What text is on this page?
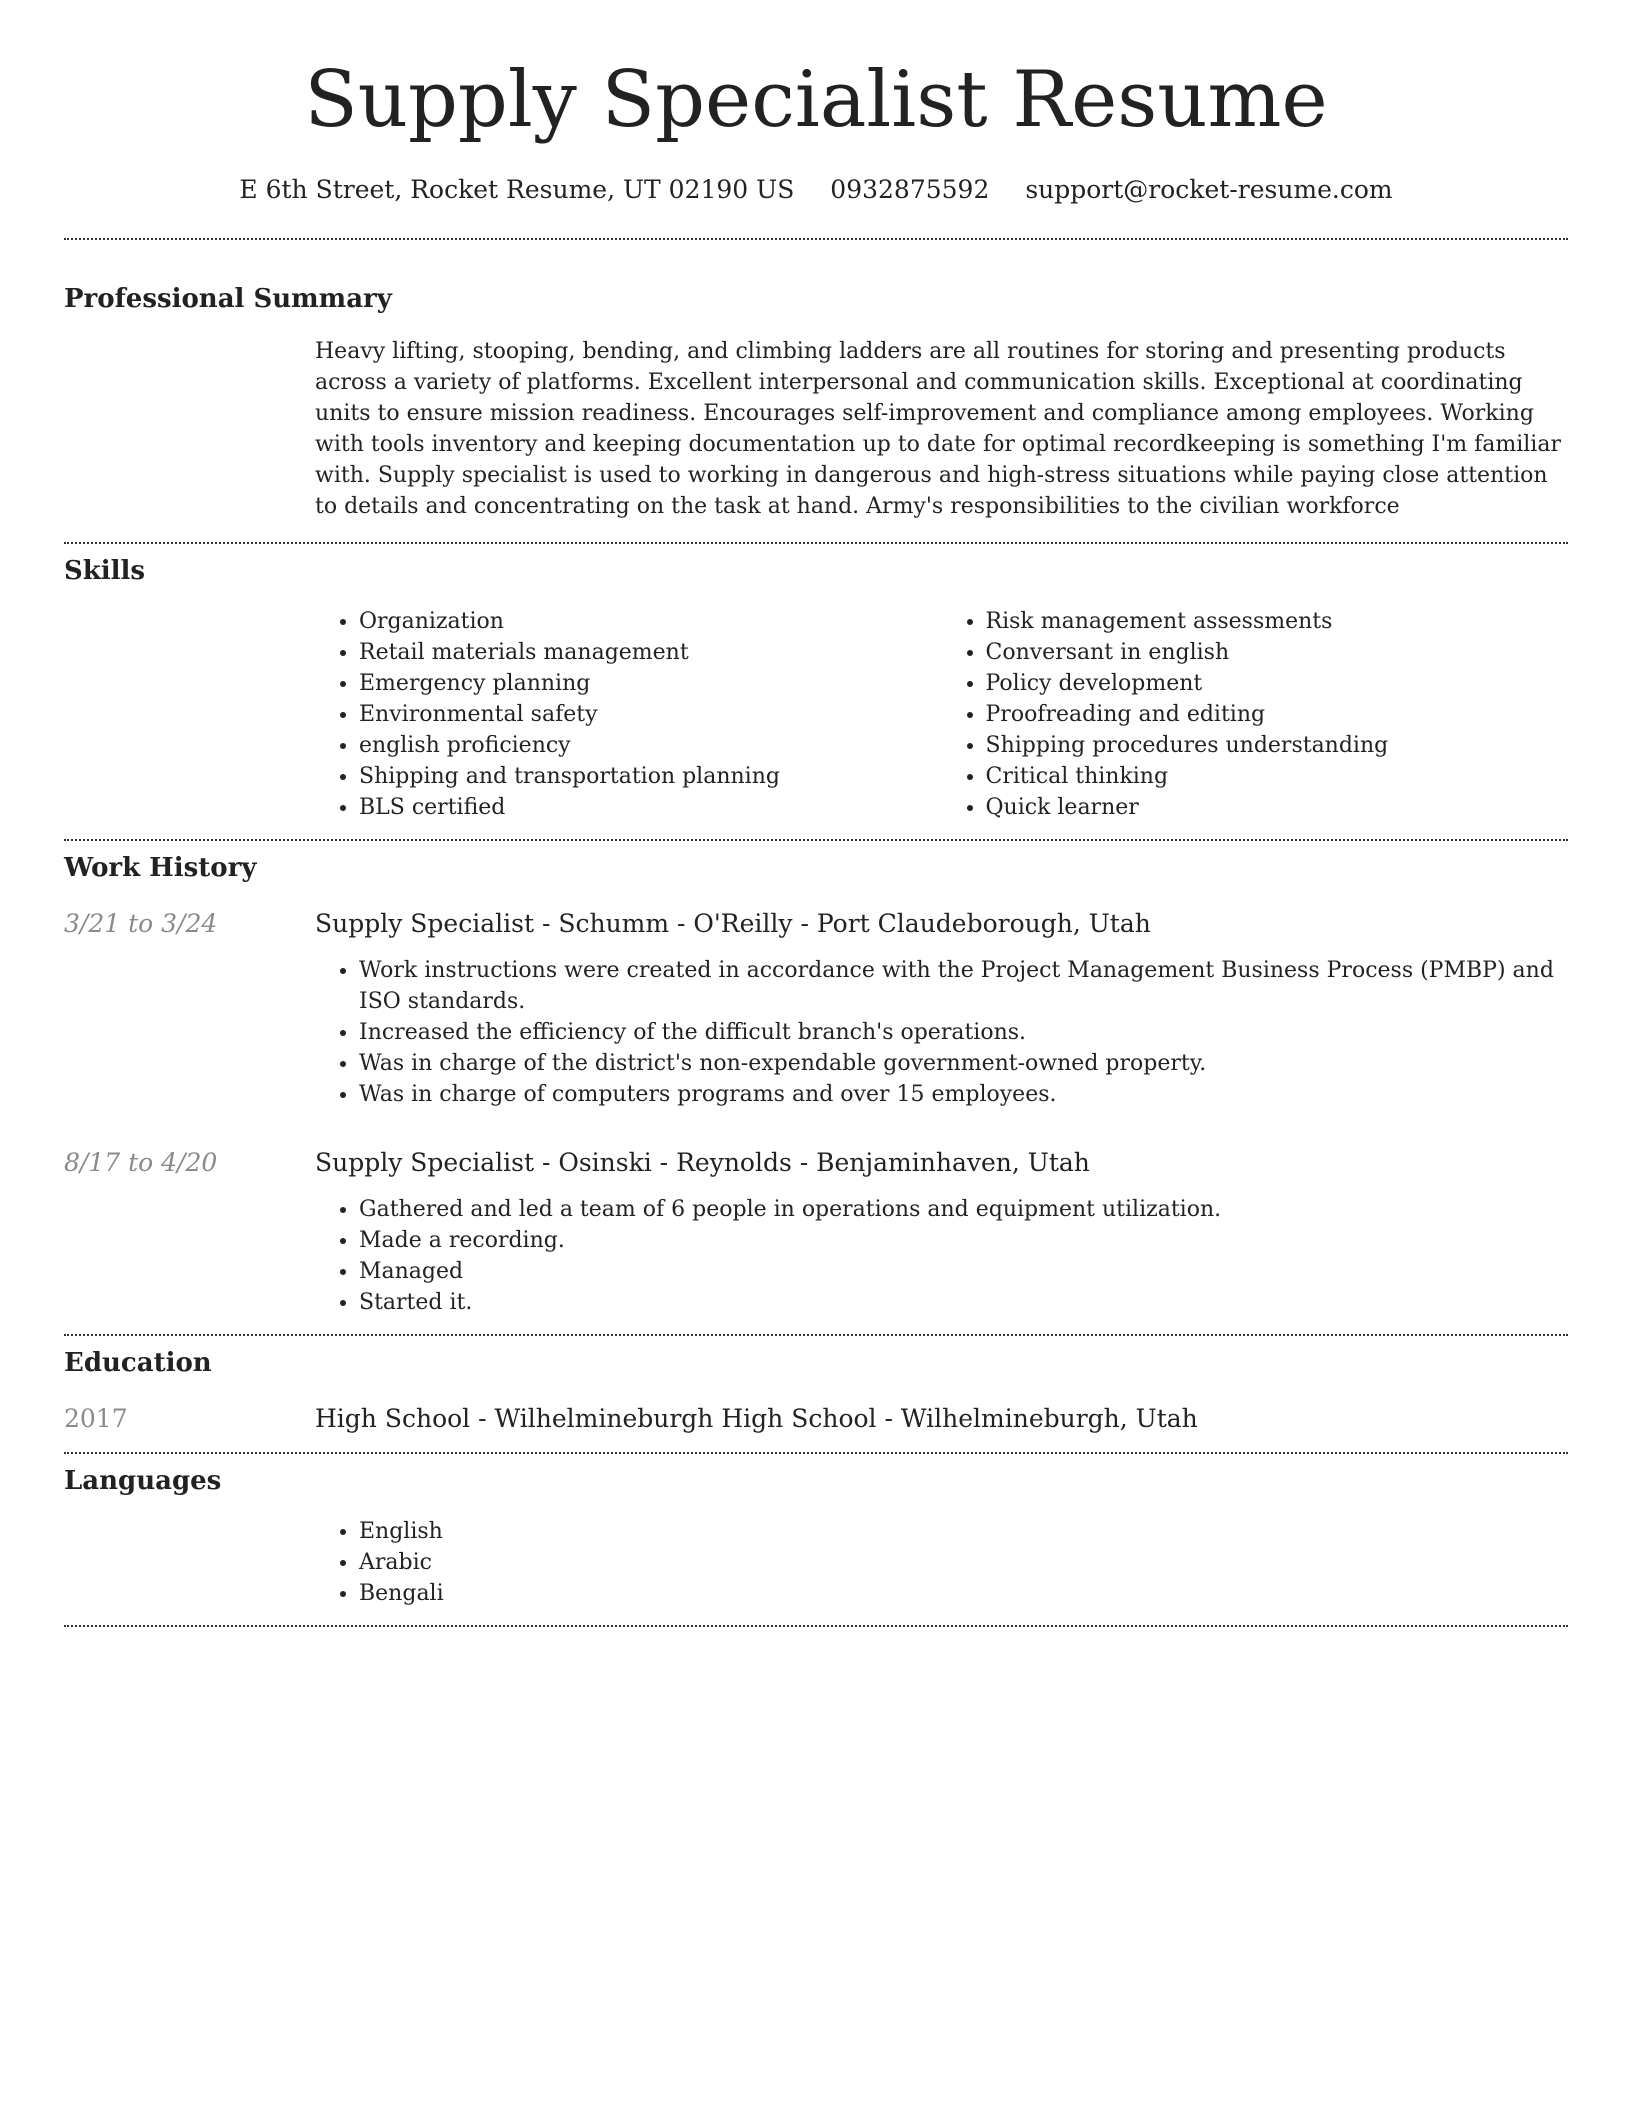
Supply Specialist Resume
E 6th Street, Rocket Resume, UT 02190 US 0932875592 support@rocket-resume.com
Professional Summary
Heavy lifting, stooping, bending, and climbing ladders are all routines for storing and presenting products across a variety of platforms. Excellent interpersonal and communication skills. Exceptional at coordinating units to ensure mission readiness. Encourages self-improvement and compliance among employees. Working with tools inventory and keeping documentation up to date for optimal recordkeeping is something I'm familiar with. Supply specialist is used to working in dangerous and high-stress situations while paying close attention to details and concentrating on the task at hand. Army's responsibilities to the civilian workforce
Skills
• Organization
• Retail materials management
• Emergency planning
• Environmental safety
• english proficiency
• Shipping and transportation planning
• BLS certified
• Risk management assessments
• Conversant in english
• Policy development
• Proofreading and editing
• Shipping procedures understanding
• Critical thinking
• Quick learner
Work History
3/21 to 3/24	Supply Specialist - Schumm - O'Reilly - Port Claudeborough, Utah
• Work instructions were created in accordance with the Project Management Business Process (PMBP) and ISO standards.
• Increased the efficiency of the difficult branch's operations.
• Was in charge of the district's non-expendable government-owned property.
• Was in charge of computers programs and over 15 employees.
8/17 to 4/20	Supply Specialist - Osinski - Reynolds - Benjaminhaven, Utah
• Gathered and led a team of 6 people in operations and equipment utilization.
• Made a recording.
• Managed
• Started it.
Education
2017	High School - Wilhelmineburgh High School - Wilhelmineburgh, Utah
Languages
• English
• Arabic
• Bengali
